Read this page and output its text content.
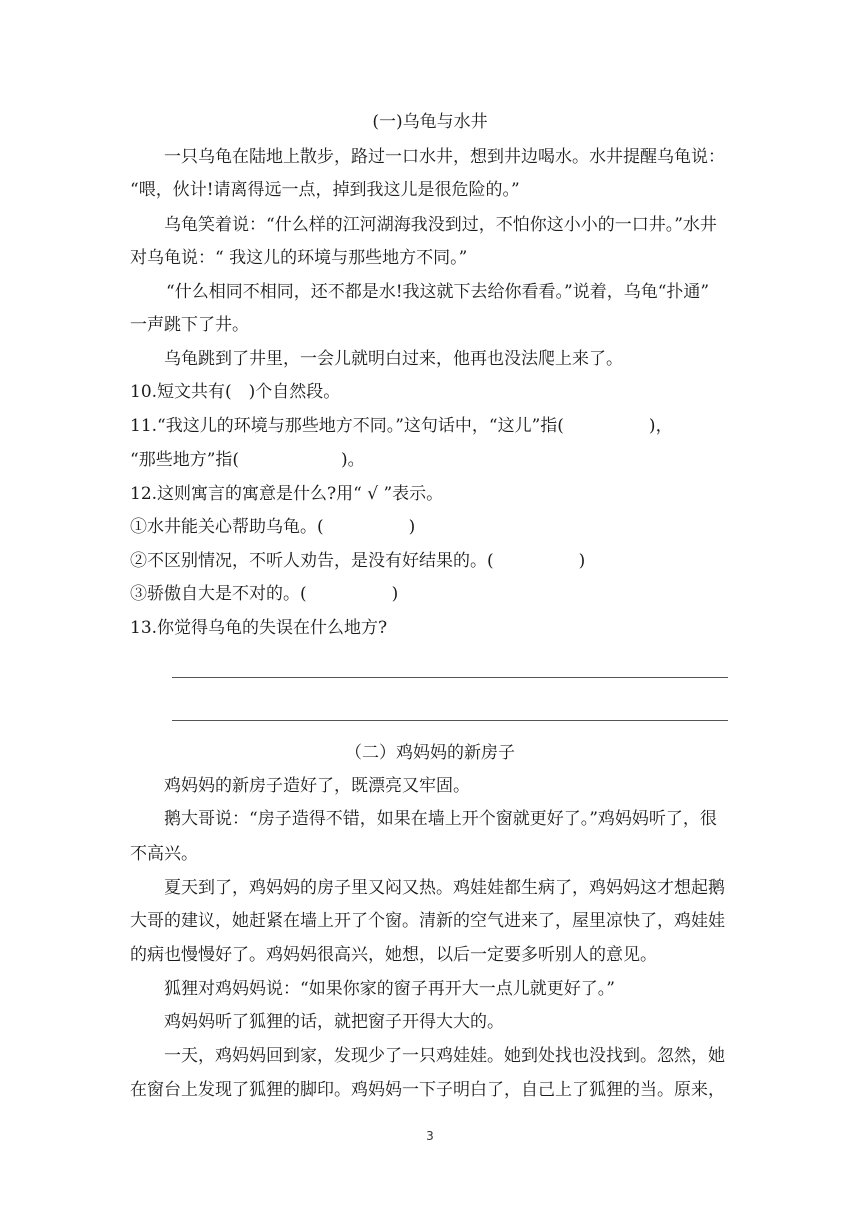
(一)乌龟与水井
一只乌龟在陆地上散步，路过一口水井，想到井边喝水。水井提醒乌龟说：
“喂，伙计!请离得远一点，掉到我这儿是很危险的。”
乌龟笑着说：“什么样的江河湖海我没到过，不怕你这小小的一口井。”水井
对乌龟说：“ 我这儿的环境与那些地方不同。”
“什么相同不相同，还不都是水!我这就下去给你看看。”说着，乌龟“扑通”
一声跳下了井。
乌龟跳到了井里，一会儿就明白过来，他再也没法爬上来了。
10.短文共有(  )个自然段。
11.“我这儿的环境与那些地方不同。”这句话中，“这儿”指(     )，
“那些地方”指(      )。
12.这则寓言的寓意是什么?用“ √ ”表示。
①水井能关心帮助乌龟。(     )
②不区别情况，不听人劝告，是没有好结果的。(     )
③骄傲自大是不对的。(     )
13.你觉得乌龟的失误在什么地方?
（二）鸡妈妈的新房子
鸡妈妈的新房子造好了，既漂亮又牢固。
鹅大哥说：“房子造得不错，如果在墙上开个窗就更好了。”鸡妈妈听了，很
不高兴。
夏天到了，鸡妈妈的房子里又闷又热。鸡娃娃都生病了，鸡妈妈这才想起鹅
大哥的建议，她赶紧在墙上开了个窗。清新的空气进来了，屋里凉快了，鸡娃娃
的病也慢慢好了。鸡妈妈很高兴，她想，以后一定要多听别人的意见。
狐狸对鸡妈妈说：“如果你家的窗子再开大一点儿就更好了。”
鸡妈妈听了狐狸的话，就把窗子开得大大的。
一天，鸡妈妈回到家，发现少了一只鸡娃娃。她到处找也没找到。忽然，她
在窗台上发现了狐狸的脚印。鸡妈妈一下子明白了，自己上了狐狸的当。原来，
3
